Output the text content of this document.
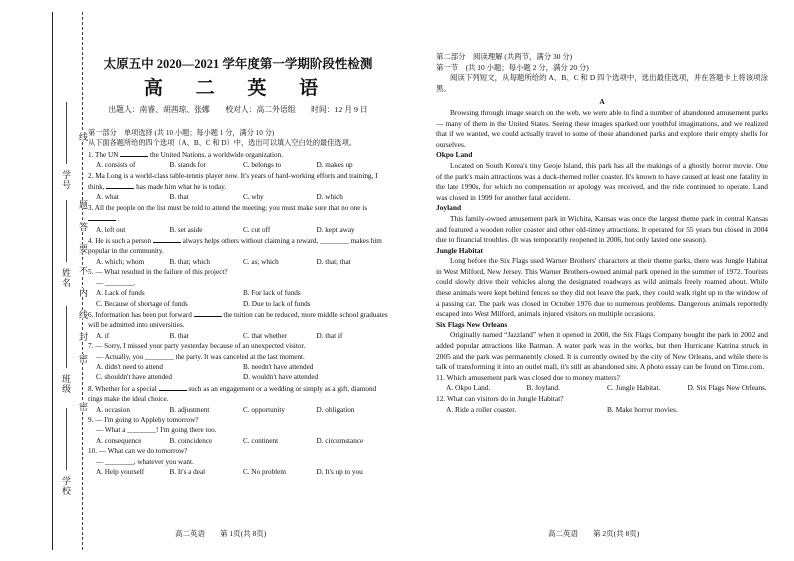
学号
姓名
班级
学校
线
题
答
要
不
内
线
封
密
密
太原五中 2020—2021 学年度第一学期阶段性检测
高 二 英 语
出题人：南睿、胡茜琼、张娜　　校对人：高二外语组　　时间：12 月 9 日

第一部分　单项选择 (共 10 小题；每小题 1 分，满分 10 分)

从下面各题所给的四个选项（A、B、C 和 D）中，选出可以填入空白处的最佳选项。

1. The UN	the United Nations, a worldwide organization.

A. consists of	B. stands for	C. belongs to	D. makes up

2. Ma Long is a world-class table-tennis player now. It's years of hard-working efforts and training, I think,	has made him what he is today.

A. what	B. that	C. why	D. which

3. All the people on the list must be told to attend the meeting; you must make sure that no one is  .

A. left out	B. set aside	C. cut off	D. kept away

4. He is such a person	always helps others without claiming a reward, ________ makes him popular in the community.

A. which; whom	B. that; which	C. as; which	D. that; that

5. — What resulted in the failure of this project?
— ________.

A. Lack of funds	B. For lack of funds
C. Because of shortage of funds	D. Due to lack of funds

6. Information has been put forward	the tuition can be reduced, more middle school graduates will be admitted into universities.

A. if	B. that	C. that whether	D. that if

7. — Sorry, I missed your party yesterday because of an unexpected visitor.
— Actually, you ________ the party. It was canceled at the last moment.

A. didn't need to attend	B. needn't have attended
C. shouldn't have attended	D. wouldn't have attended

8. Whether for a special	such as an engagement or a wedding or simply as a gift, diamond rings make the ideal choice.

A. occasion	B. adjustment	C. opportunity	D. obligation

9. — I'm going to Applehy tomorrow?
— What a ________! I'm going there too.

A. consequence	B. coincidence	C. continent	D. circumstance

10. — What can we do tomorrow?
— ________, whatever you want.

A. Help yourself	B. It's a deal	C. No problem	D. It's up to you

第二部分　阅读理解 (共两节，满分 30 分)

第一节　(共 10 小题；每小题 2 分，满分 20 分)

阅读下列短文，从每题所给的 A、B、C 和 D 四个选项中，选出最佳选项，并在答题卡上将该项涂黑。

A

Browsing through image search on the web, we were able to find a number of abandoned amusement parks — many of them in the United States. Seeing these images sparked our youthful imaginations, and we realized that if we wanted, we could actually travel to some of these abandoned parks and explore their empty shells for ourselves.

Okpo Land

Located on South Korea's tiny Geoje Island, this park has all the makings of a ghostly horror movie. One of the park's main attractions was a duck-themed roller coaster. It's known to have caused at least one fatality in the late 1990s, for which no compensation or apology was received, and the ride continued to operate. Land was closed in 1999 for another fatal accident.

Joyland

This family-owned amusement park in Wichita, Kansas was once the largest theme park in central Kansas and featured a wooden roller coaster and other old-timey attractions. It operated for 55 years but closed in 2004 due to financial troubles. (It was temporarily reopened in 2006, but only lasted one season).

Jungle Habitat

Long before the Six Flags used Warner Brothers' characters at their theme parks, there was Jungle Habitat in West Milford, New Jersey. This Warner Brothers-owned animal park opened in the summer of 1972. Tourists could slowly drive their vehicles along the designated roadways as wild animals freely roamed about. While these animals were kept behind fences so they did not leave the park, they could walk right up to the window of a passing car. The park was closed in October 1976 due to numerous problems. Dangerous animals reportedly escaped into West Milford, animals injured visitors on multiple occasions.

Six Flags New Orleans

Originally named “Jazzland” when it opened in 2000, the Six Flags Company bought the park in 2002 and added popular attractions like Batman. A water park was in the works, but then Hurricane Katrina struck in 2005 and the park was permanently closed. It is currently owned by the city of New Orleans, and while there is talk of transforming it into an outlet mall, it's still an abandoned site. A photo essay can be found on Time.com.

11. Which amusement park was closed due to money matters?

A. Okpo Land.	B. Joyland.	C. Jungle Habitat.	D. Six Flags New Orleans.

12. What can visitors do in Jungle Habitat?

A. Ride a roller coaster.	B. Make horror movies.
高二英语　　第 1页(共 8页)	高二英语　　第 2页(共 8页)
